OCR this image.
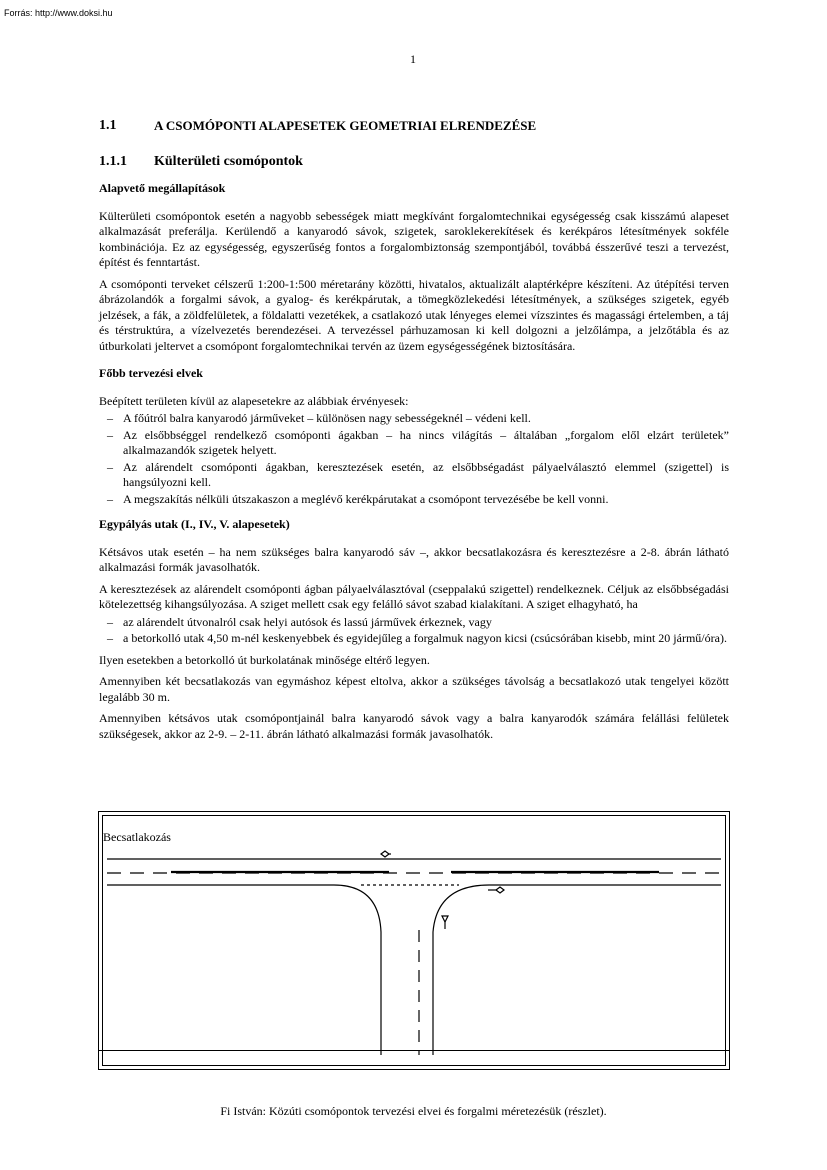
Forrás: http://www.doksi.hu
1
1.1	A CSOMÓPONTI ALAPESETEK GEOMETRIAI ELRENDEZÉSE
1.1.1	Külterületi csomópontok
Alapvető megállapítások

Külterületi csomópontok esetén a nagyobb sebességek miatt megkívánt forgalomtechnikai egységesség csak kisszámú alapeset alkalmazását preferálja. Kerülendő a kanyarodó sávok, szigetek, saroklekerekítések és kerékpáros létesítmények sokféle kombinációja. Ez az egységesség, egyszerűség fontos a forgalombiztonság szempontjából, továbbá ésszerűvé teszi a tervezést, építést és fenntartást.

A csomóponti terveket célszerű 1:200-1:500 méretarány közötti, hivatalos, aktualizált alaptérképre készíteni. Az útépítési terven ábrázolandók a forgalmi sávok, a gyalog- és kerékpárutak, a tömegközlekedési létesítmények, a szükséges szigetek, egyéb jelzések, a fák, a zöldfelületek, a földalatti vezetékek, a csatlakozó utak lényeges elemei vízszintes és magassági értelemben, a táj és térstruktúra, a vízelvezetés berendezései. A tervezéssel párhuzamosan ki kell dolgozni a jelzőlámpa, a jelzőtábla és az útburkolati jeltervet a csomópont forgalomtechnikai tervén az üzem egységességének biztosítására.

Főbb tervezési elvek

Beépített területen kívül az alapesetekre az alábbiak érvényesek:

– A főútról balra kanyarodó járműveket – különösen nagy sebességeknél – védeni kell.
– Az elsőbbséggel rendelkező csomóponti ágakban – ha nincs világítás – általában „forgalom elől elzárt területek” alkalmazandók szigetek helyett.
– Az alárendelt csomóponti ágakban, keresztezések esetén, az elsőbbségadást pályaelválasztó elemmel (szigettel) is hangsúlyozni kell.
– A megszakítás nélküli útszakaszon a meglévő kerékpárutakat a csomópont tervezésébe be kell vonni.
Egypályás utak (I., IV., V. alapesetek)

Kétsávos utak esetén – ha nem szükséges balra kanyarodó sáv –, akkor becsatlakozásra és keresztezésre a 2-8. ábrán látható alkalmazási formák javasolhatók.

A keresztezések az alárendelt csomóponti ágban pályaelválasztóval (cseppalakú szigettel) rendelkeznek. Céljuk az elsőbbségadási kötelezettség kihangsúlyozása. A sziget mellett csak egy felálló sávot szabad kialakítani. A sziget elhagyható, ha

– az alárendelt útvonalról csak helyi autósok és lassú járművek érkeznek, vagy
– a betorkolló utak 4,50 m-nél keskenyebbek és egyidejűleg a forgalmuk nagyon kicsi (csúcsórában kisebb, mint 20 jármű/óra).

Ilyen esetekben a betorkolló út burkolatának minősége eltérő legyen.

Amennyiben két becsatlakozás van egymáshoz képest eltolva, akkor a szükséges távolság a becsatlakozó utak tengelyei között legalább 30 m.

Amennyiben kétsávos utak csomópontjainál balra kanyarodó sávok vagy a balra kanyarodók számára felállási felületek szükségesek, akkor az 2-9. – 2-11. ábrán látható alkalmazási formák javasolhatók.

Becsatlakozás
Fi István: Közúti csomópontok tervezési elvei és forgalmi méretezésük (részlet).
